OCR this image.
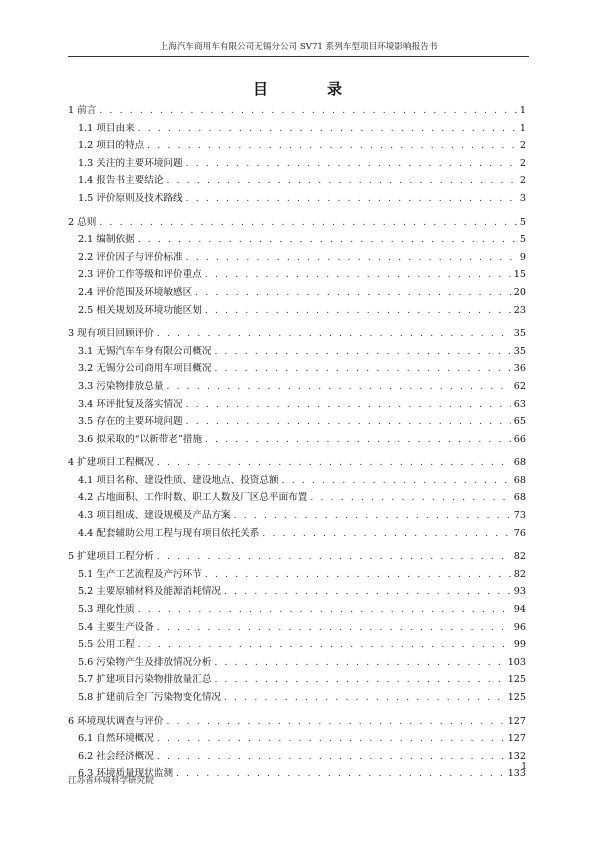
上海汽车商用车有限公司无锡分公司 SV71 系列车型项目环境影响报告书
目　录
1 前言 . . .	1
1.1 项目由来 . . .	1
1.2 项目的特点 . . .	2
1.3 关注的主要环境问题 . . .	2
1.4 报告书主要结论 . . .	2
1.5 评价原则及技术路线 . . .	3
2 总则 . . .	5
2.1 编制依据 . . .	5
2.2 评价因子与评价标准 . . .	9
2.3 评价工作等级和评价重点 . . .	15
2.4 评价范围及环境敏感区 . . .	20
2.5 相关规划及环境功能区划 . . .	23
3 现有项目回顾评价 . . .	35
3.1 无锡汽车车身有限公司概况 . . .	35
3.2 无锡分公司商用车项目概况 . . .	36
3.3 污染物排放总量 . . .	62
3.4 环评批复及落实情况 . . .	63
3.5 存在的主要环境问题 . . .	65
3.6 拟采取的“以新带老”措施 . . .	66
4 扩建项目工程概况 . . .	68
4.1 项目名称、建设性质、建设地点、投资总额 . . .	68
4.2 占地面积、工作时数、职工人数及厂区总平面布置 . . .	68
4.3 项目组成、建设规模及产品方案 . . .	73
4.4 配套辅助公用工程与现有项目依托关系 . . .	76
5 扩建项目工程分析 . . .	82
5.1 生产工艺流程及产污环节 . . .	82
5.2 主要原辅材料及能源消耗情况 . . .	93
5.3 理化性质 . . .	94
5.4 主要生产设备 . . .	96
5.5 公用工程 . . .	99
5.6 污染物产生及排放情况分析 . . .	103
5.7 扩建项目污染物排放量汇总 . . .	125
5.8 扩建前后全厂污染物变化情况 . . .	125
6 环境现状调查与评价 . . .	127
6.1 自然环境概况 . . .	127
6.2 社会经济概况 . . .	132
6.3 环境质量现状监测 . . .	133
1
江苏省环境科学研究院
